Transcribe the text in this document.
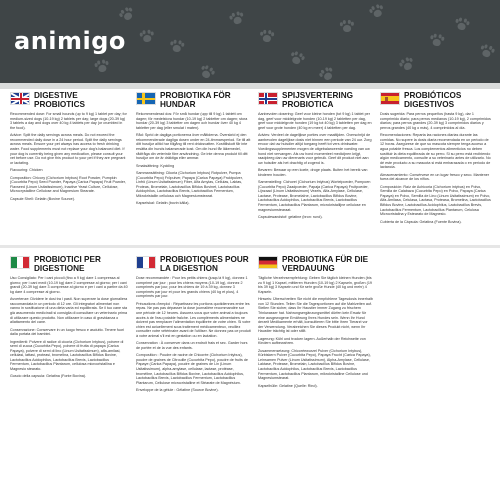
animigo
DIGESTIVE PROBIOTICS

Recommended dose: For small hounds (up to 9 kg) 1 tablet per day; for medium-sized dogs (10-19 kg) 2 tablets per day; large dogs (20-39 kg) 3 tablets a day and dogs over 40 kg 4 tablets per day (or crumbled in the food).

Advice: Split the daily servings across meals. Do not exceed the recommended daily dose in a 24 hour period. Split the daily servings across meals. Ensure your pet always has access to fresh drinking water. Food supplements must not replace your dog's balanced diet. If your dog is currently being given any medication, please consult your vet before use. Do not give this product to your pet if they are pregnant or lactating.

Flavouring: Chicken

Composition: Chicory (Cichorium Intybus) Root Powder, Pumpkin (Cucurbita Pepo) Seed Powder, Papaya (Carica Papaya) Fruit Powder, Flaxseed (Linum Usitatissimum), Inactive Yeast Culture, Cellulose, Microcrystalline Cellulose and Magnesium Stearate.

Capsule Shell: Gelatin (Bovine Source).

PROBIOTIKA FÖR HUNDAR

Rekommenderad dos: För små hundar (upp till 9 kg) 1 tablett om dagen; för medelstora hundar (10-19 kg) 2 tabletter om dagen; stora hundar (20-39 kg) 3 tabletter om dagen och hundar över 40 kg 4 tabletter per dag (eller smulat i maten).

Råd: Sprid de dagliga portionerna över måltiderna. Överskrid ej den rekommenderade dagliga dosen under en 24-timmarsperiod. Se till att ditt husdjur alltid har tillgång till rent dricksvatten. Kosttillskott får inte ersätta din hunds balanserade kost. Om din hund får läkemedel, rådfråga din veterinär före användning. Ge inte denna produkt till ditt husdjur om de är dräktiga eller ammar.

Smaksättning: Kyckling

Sammansättning: Cikoria (Cichorium Intybus) Rotpulver, Pumpa (Cucurbita Pepo) Fröpulver, Papaya (Carica Papaya) Fruktpulver, Linfrö (Linum Usitatissimum) Fiber, Alfa Amylas, Cellulas, Laktas, Proteas, Bromelain, Lactobacillus Bifidus Bovinet, Lactobacillus Acidophilus, Lactobacillus Brevis, Lactobacillus Fermentum, Mikrokristallin cellulosa och Magnesiumstearat.

Kapselskal: Gelatin (bovin källa).

SPIJSVERTERING PROBIOTICA

Aanbevolen dosering: Geef voor kleine honden (tot 9 kg) 1 tablet per dag, geef voor middelgrote honden (10-19 kg) 2 tabletten per dag, geef voor middelgrote honden (19 kg tot 40 kg) 3 tabletten per dag en geef voor grote honden (40 kg en meer) 4 tabletten per dag.

Advies: Verdeel de dagelijkse porties over maaltijden. Overschrijd de aanbevolen dagelijkse dosis niet binnen een periode van 24 uur. Zorg ervoor dat uw huisdier altijd toegang heeft tot vers drinkwater. Voedingssupplementen mogen de uitgebalanceerde voeding van uw hond niet vervangen. Als uw hond momenteel medicijnen krijgt, raadpleeg dan uw dierenarts voor gebruik. Geef dit product niet aan uw huisdier als het drachtig of zogend is.

Bevaren: Bewaar op een koele, droge plaats. Buiten het bereik van kinderen houden.

Samenstelling: Cichorei (Cichorium Intybus) Wortelpoeder, Pompoen (Cucurbita Pepo) Zaadpoeder, Papaja (Carica Papaya) Fruitpoeder, Lijnzaad (Linum Usitatissimum) Vezels, Alfa-Amylase, Cellulase, Lactase, Protease, Bromelaïne, Lactobacillus Bifidus Bovine, Lactobacillus Acidophilus, Lactobacillus Brevis, Lactobacillus Fermentum, Lactobacillus Plantarum, microkristallijne cellulose en magnesiumstearaat.

Capsulewandstof: gelatine (bron: rund).

PROBIÓTICOS DIGESTIVOS

Dosis sugerida: Para perros pequeños (hasta 9 kg), dar 1 comprimido diario; para perros medianos (10-19 kg), 2 comprimidos diarios; para perros grandes (20-39 kg) 3 comprimidos diarios y perros grandes (40 kg o más), 4 comprimidos al día.

Recomendaciones: Reparta las raciones diarias durante las comidas. No supere la dosis diaria recomendada en un periodo de 12 horas. Asegúrese de que su mascota siempre tenga acceso a agua potable fresca. Los complementos alimenticios no deben sustituir la dieta equilibrada de su perro. Si su perro está recibiendo algún medicamento, consulte a su veterinario antes de utilizarlo. No dé este producto a su mascota si está embarazada o en periodo de lactancia.

Almacenamiento: Consérvese en un lugar fresco y seco. Mantener fuera del alcance de los niños.

Composición: Raíz de Achicoria (Cichorium intybus) en Polvo, Semilla de Calabaza (Cucurbita Pepo) en Polvo, Papaya (Carica Papaya) en Polvo, Semilla de Lino (Linum Usitatissimum) en Polvo, Alfa-Amilasa, Celulasa, Lactasa, Proteasa, Bromelina, Lactobacillus Bifidus Bovine, Lactobacillus Acidophilus, Lactobacillus Brevis, Lactobacillus Fermentum, Lactobacillus Plantarum, Celulosa Microcristalina y Estearato de Magnesio.

Cubierta de la Cápsula: Gelatina (Fuente Bovina).

PROBIOTICI PER DIGESTIONE

Uso Consigliato: Per i cani piccoli (fino a 9 kg) dare 1 compressa al giorno; per i cani medi (10-19 kg) dare 2 compresse al giorno; per i cani grandi (20-39 kg) dare 3 compresse al giorno e per i cani a partire da 40 kg dare 4 compresse al giorno.

Avvertenze: Dividere le dosi tra i pasti. Non superare la dose giornaliera raccomandata in un periodo di 12 ore. Gli integratori alimentari non vanno in sostituzione di una dieta varia ed equilibrata. Se il tuo cane sta già assumendo medicinali si consiglia di consultare un veterinario prima di utilizzare questo prodotto. Non utilizzare in caso di gravidanza o allattamento del cane.

Conservazione: Conservare in un luogo fresco e asciutto. Tenere fuori dalla portata dei bambini.

Ingredienti: Polvere di radice di cicoria (Cichorium Intybus), polvere di semi di zucca (Cucurbita Pepo), polvere di frutta di papaya (Carica Papaya), polvere di semi di lino (Linum Usitatissimum), alfa-amilasi, cellulasi, lattasi, proteasi, bromelina, Lactobacillus Bifidus Bovine, Lactobacillus Acidophilus, Lactobacillus Brevis, Lactobacillus Fermentum, Lactobacillus Plantarum, cellulosa microcristallina e Magnesio stearato.

Guscio della capsula: Gelatina (Fonte Bovina).

PROBIOTIQUES POUR LA DIGESTION

Dose recommandée : Pour les petits chiens (jusqu'à 9 kg), donnez 1 comprimé par jour ; pour les chiens moyens (10-19 kg), donnez 2 comprimés par jour, pour les chiens de 19 à 39 kg, donnez 3 comprimés par jour et pour les grands chiens (40 kg et plus), 4 comprimés par jour.

Précautions d'emploi : Répartissez les portions quotidiennes entre les repas. Ne pas pas dépasser la dose journalière recommandée sur une période de 12 heures. Assurez-vous que votre animal a toujours accès à de l'eau potable fraîche. Les compléments alimentaires ne doivent pas remplacer l'alimentation équilibrée de votre chien. Si votre chien est actuellement sous traitement médicamenteux, veuillez consulter votre vétérinaire avant de l'utiliser. Ne donnez pas ce produit à votre animal s'il est en gestation ou en lactation.

Conservation : À conserver dans un endroit frais et sec. Garder hors de portée et de la vue des enfants.

Composition : Poudre de racine de Chicorée (Cichorium Intybus), poudre de graines de Citrouille (Cucurbita Pepo), poudre de fruits de Papaye (Carica Papaya), poudre de graines de Lin (Linum Usitatissimum), alpha-amylase, cellulase, lactase, protéase, broméline, Lactobacillus Bifidus Bovine, Lactobacillus Acidophilus, Lactobacillus Brevis, Lactobacillus Fermentum, Lactobacillus Plantarum, Cellulose microcristalline et Stéarate de Magnésium.

Enveloppe de la gélule : Gélatine (Source Bovine).

PROBIOTIKA FÜR DIE VERDAUUNG

Tägliche Verzehrsempfehlung: Geben Sie täglich kleinen Hunden (bis zu 9 kg) 1 Kapsel, mittleren Hunden (10-19 kg) 2 Kapseln, großen (19 bis 39 kg) 3 Kapseln und für sehr große Hunde (40 kg und mehr) 4 Kapseln.

Hinweis: Überschreiten Sie nicht die empfohlene Tagesdosis innerhalb von 12 Stunden. Teilen Sie die Tagesportionen auf die Mahlzeiten auf. Stellen Sie sicher, dass Ihr Haustier immer Zugang zu frischem Trinkwasser hat. Nahrungsergänzungsmittel dürfen kein Ersatz für eine ausgewogene Ernährung Ihres Hundes sein. Wenn Ihr Hund derzeit Medikamente erhält, konsultieren Sie bitte Ihren Tierarzt vor der Verwendung. Verabreichen Sie dieses Produkt nicht, wenn Ihr Haustier trächtig ist oder stillt.

Lagerung: Kühl und trocken lagern. Außerhalb der Reichweite von Kindern aufbewahren.

Zusammensetzung: Chicoréewurzel Pulver (Cichorium Intybus), Kürbiskern Pulver (Cucurbita Pepo), Papaya Frucht (Carica Papaya), Leinsamen Pulver (Linum Usitatissimum), Alpha-Amylase, Cellulase, Laktase, Protease, Bromelain, Lactobacillus Bifidus Bovine, Lactobacillus Acidophilus, Lactobacillus Brevis, Lactobacillus Fermentum, Lactobacillus Plantarum, mikrokristalline Cellulose und Magnesiumstearat.

Kapselhülle: Gelatine (Quelle: Rind).
